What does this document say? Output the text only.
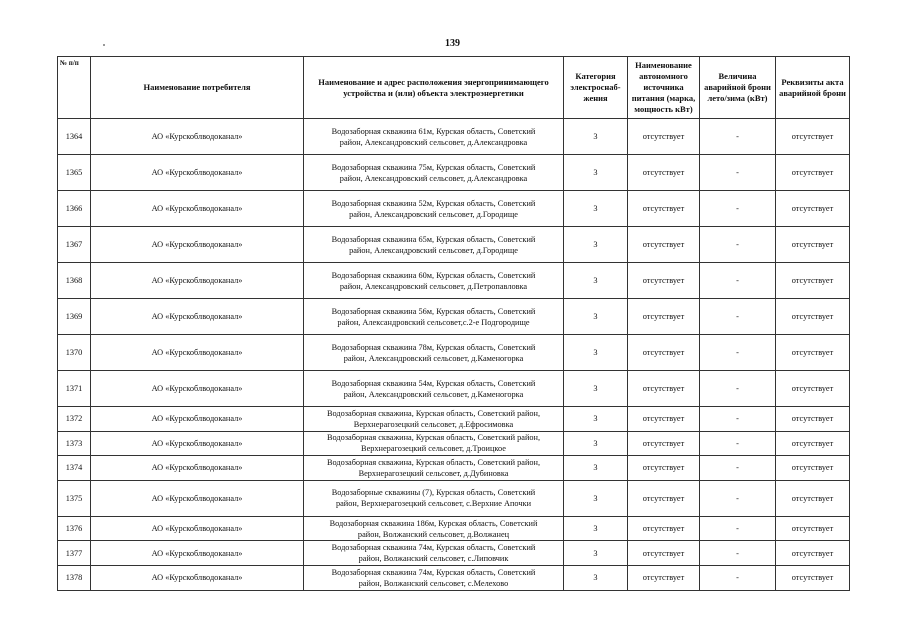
139
№ п/п	Наименование потребителя	Наименование и адрес расположения энергопринимающего устройства и (или) объекта электроэнергетики	Категория электроснаб-жения	Наименование автономного источника питания (марка, мощность кВт)	Величина аварийной брони лето/зима (кВт)	Реквизиты акта аварийной брони
1364	АО «Курскоблводоканал»	Водозаборная скважина 61м, Курская область, Советский
район, Александровский сельсовет, д.Александровка	3	отсутствует	-	отсутствует
1365	АО «Курскоблводоканал»	Водозаборная скважина 75м, Курская область, Советский
район, Александровский сельсовет, д.Александровка	3	отсутствует	-	отсутствует
1366	АО «Курскоблводоканал»	Водозаборная скважина 52м, Курская область, Советский
район, Александровский сельсовет, д.Городище	3	отсутствует	-	отсутствует
1367	АО «Курскоблводоканал»	Водозаборная скважина 65м, Курская область, Советский
район, Александровский сельсовет, д.Городище	3	отсутствует	-	отсутствует
1368	АО «Курскоблводоканал»	Водозаборная скважина 60м, Курская область, Советский
район, Александровский сельсовет, д.Петропавловка	3	отсутствует	-	отсутствует
1369	АО «Курскоблводоканал»	Водозаборная скважина 56м, Курская область, Советский
район, Александровский сельсовет,с.2-е Подгородище	3	отсутствует	-	отсутствует
1370	АО «Курскоблводоканал»	Водозаборная скважина 78м, Курская область, Советский
район, Александровский сельсовет, д.Каменогорка	3	отсутствует	-	отсутствует
1371	АО «Курскоблводоканал»	Водозаборная скважина 54м, Курская область, Советский
район, Александровский сельсовет, д.Каменогорка	3	отсутствует	-	отсутствует
1372	АО «Курскоблводоканал»	Водозаборная скважина, Курская область, Советский район,
Верхнерагозецкий сельсовет, д.Ефросимовка	3	отсутствует	-	отсутствует
1373	АО «Курскоблводоканал»	Водозаборная скважина, Курская область, Советский район,
Верхнерагозецкий сельсовет, д.Троицкое	3	отсутствует	-	отсутствует
1374	АО «Курскоблводоканал»	Водозаборная скважина, Курская область, Советский район,
Верхнерагозецкий сельсовет, д.Дубиновка	3	отсутствует	-	отсутствует
1375	АО «Курскоблводоканал»	Водозаборные скважины (7), Курская область, Советский
район, Верхнерагозецкий сельсовет, с.Верхние Апочки	3	отсутствует	-	отсутствует
1376	АО «Курскоблводоканал»	Водозаборная скважина 186м, Курская область, Советский
район, Волжанский сельсовет, д.Волжанец	3	отсутствует	-	отсутствует
1377	АО «Курскоблводоканал»	Водозаборная скважина 74м, Курская область, Советский
район, Волжанский сельсовет, с.Липовчик	3	отсутствует	-	отсутствует
1378	АО «Курскоблводоканал»	Водозаборная скважина 74м, Курская область, Советский
район, Волжанский сельсовет, с.Мелехово	3	отсутствует	-	отсутствует
